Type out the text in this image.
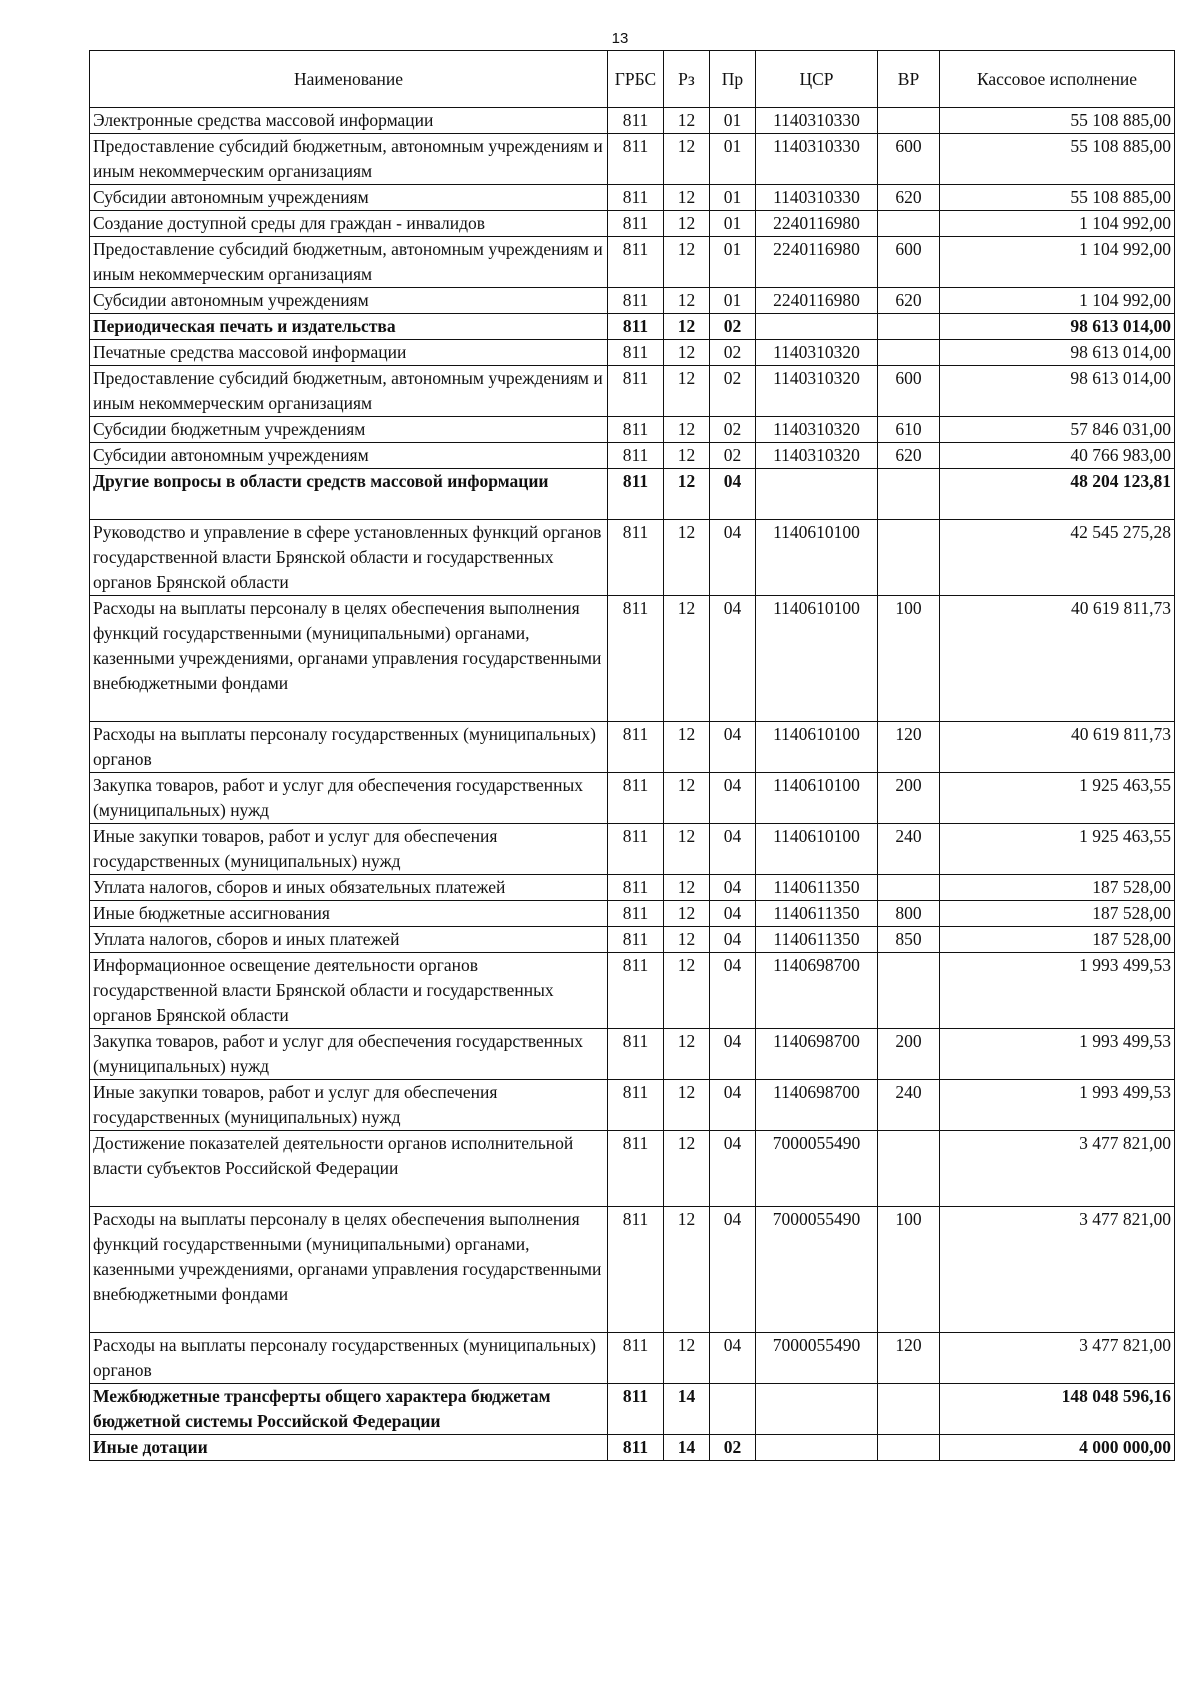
13
Наименование	ГРБС	Рз	Пр	ЦСР	ВР	Кассовое исполнение
Электронные средства массовой информации	811	12	01	1140310330		55 108 885,00
Предоставление субсидий бюджетным, автономным учреждениям и иным некоммерческим организациям	811	12	01	1140310330	600	55 108 885,00
Субсидии автономным учреждениям	811	12	01	1140310330	620	55 108 885,00
Создание доступной среды для граждан - инвалидов	811	12	01	2240116980		1 104 992,00
Предоставление субсидий бюджетным, автономным учреждениям и иным некоммерческим организациям	811	12	01	2240116980	600	1 104 992,00
Субсидии автономным учреждениям	811	12	01	2240116980	620	1 104 992,00
Периодическая печать и издательства	811	12	02			98 613 014,00
Печатные средства массовой информации	811	12	02	1140310320		98 613 014,00
Предоставление субсидий бюджетным, автономным учреждениям и иным некоммерческим организациям	811	12	02	1140310320	600	98 613 014,00
Субсидии бюджетным учреждениям	811	12	02	1140310320	610	57 846 031,00
Субсидии автономным учреждениям	811	12	02	1140310320	620	40 766 983,00
Другие вопросы в области средств массовой информации	811	12	04			48 204 123,81
Руководство и управление в сфере установленных функций органов государственной власти Брянской области и государственных органов Брянской области	811	12	04	1140610100		42 545 275,28
Расходы на выплаты персоналу в целях обеспечения выполнения функций государственными (муниципальными) органами, казенными учреждениями, органами управления государственными внебюджетными фондами	811	12	04	1140610100	100	40 619 811,73
Расходы на выплаты персоналу государственных (муниципальных) органов	811	12	04	1140610100	120	40 619 811,73
Закупка товаров, работ и услуг для обеспечения государственных (муниципальных) нужд	811	12	04	1140610100	200	1 925 463,55
Иные закупки товаров, работ и услуг для обеспечения государственных (муниципальных) нужд	811	12	04	1140610100	240	1 925 463,55
Уплата налогов, сборов и иных обязательных платежей	811	12	04	1140611350		187 528,00
Иные бюджетные ассигнования	811	12	04	1140611350	800	187 528,00
Уплата налогов, сборов и иных платежей	811	12	04	1140611350	850	187 528,00
Информационное освещение деятельности органов государственной власти Брянской области и государственных органов Брянской области	811	12	04	1140698700		1 993 499,53
Закупка товаров, работ и услуг для обеспечения государственных (муниципальных) нужд	811	12	04	1140698700	200	1 993 499,53
Иные закупки товаров, работ и услуг для обеспечения государственных (муниципальных) нужд	811	12	04	1140698700	240	1 993 499,53
Достижение показателей деятельности органов исполнительной власти субъектов Российской Федерации	811	12	04	7000055490		3 477 821,00
Расходы на выплаты персоналу в целях обеспечения выполнения функций государственными (муниципальными) органами, казенными учреждениями, органами управления государственными внебюджетными фондами	811	12	04	7000055490	100	3 477 821,00
Расходы на выплаты персоналу государственных (муниципальных) органов	811	12	04	7000055490	120	3 477 821,00
Межбюджетные трансферты общего характера бюджетам бюджетной системы Российской Федерации	811	14				148 048 596,16
Иные дотации	811	14	02			4 000 000,00
